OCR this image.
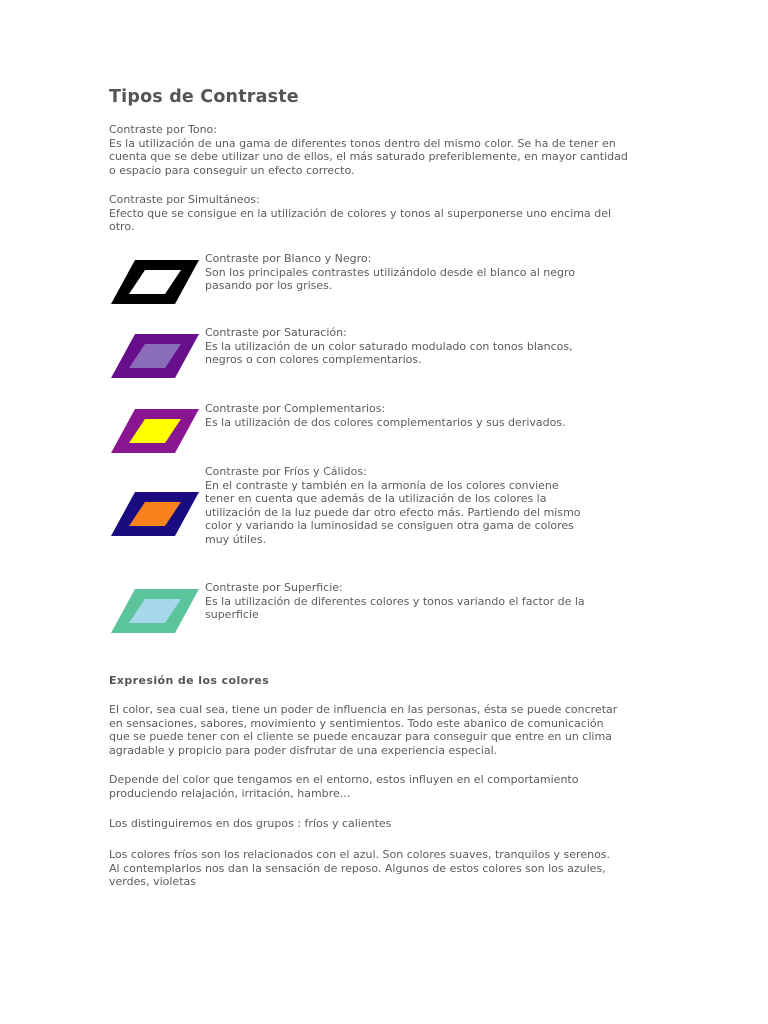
Tipos de Contraste

Contraste por Tono:

Es la utilización de una gama de diferentes tonos dentro del mismo color. Se ha de tener en

cuenta que se debe utilizar uno de ellos, el más saturado preferiblemente, en mayor cantidad

o espacio para conseguir un efecto correcto.

Contraste por Simultáneos:

Efecto que se consigue en la utilización de colores y tonos al superponerse uno encima del

otro.

Contraste por Blanco y Negro:

Son los principales contrastes utilizándolo desde el blanco al negro

pasando por los grises.

Contraste por Saturación:

Es la utilización de un color saturado modulado con tonos blancos,

negros o con colores complementarios.

Contraste por Complementarios:

Es la utilización de dos colores complementarios y sus derivados.

Contraste por Fríos y Cálidos:

En el contraste y también en la armonía de los colores conviene

tener en cuenta que además de la utilización de los colores la

utilización de la luz puede dar otro efecto más. Partiendo del mismo

color y variando la luminosidad se consiguen otra gama de colores

muy útiles.

Contraste por Superficie:

Es la utilización de diferentes colores y tonos variando el factor de la

superficie

Expresión de los colores

El color, sea cual sea, tiene un poder de influencia en las personas, ésta se puede concretar

en sensaciones, sabores, movimiento y sentimientos. Todo este abanico de comunicación

que se puede tener con el cliente se puede encauzar para conseguir que entre en un clima

agradable y propicio para poder disfrutar de una experiencia especial.

Depende del color que tengamos en el entorno, estos influyen en el comportamiento

produciendo relajación, irritación, hambre...

Los distinguiremos en dos grupos : fríos y calientes

Los colores fríos son los relacionados con el azul. Son colores suaves, tranquilos y serenos.

Al contemplarlos nos dan la sensación de reposo. Algunos de estos colores son los azules,

verdes, violetas
